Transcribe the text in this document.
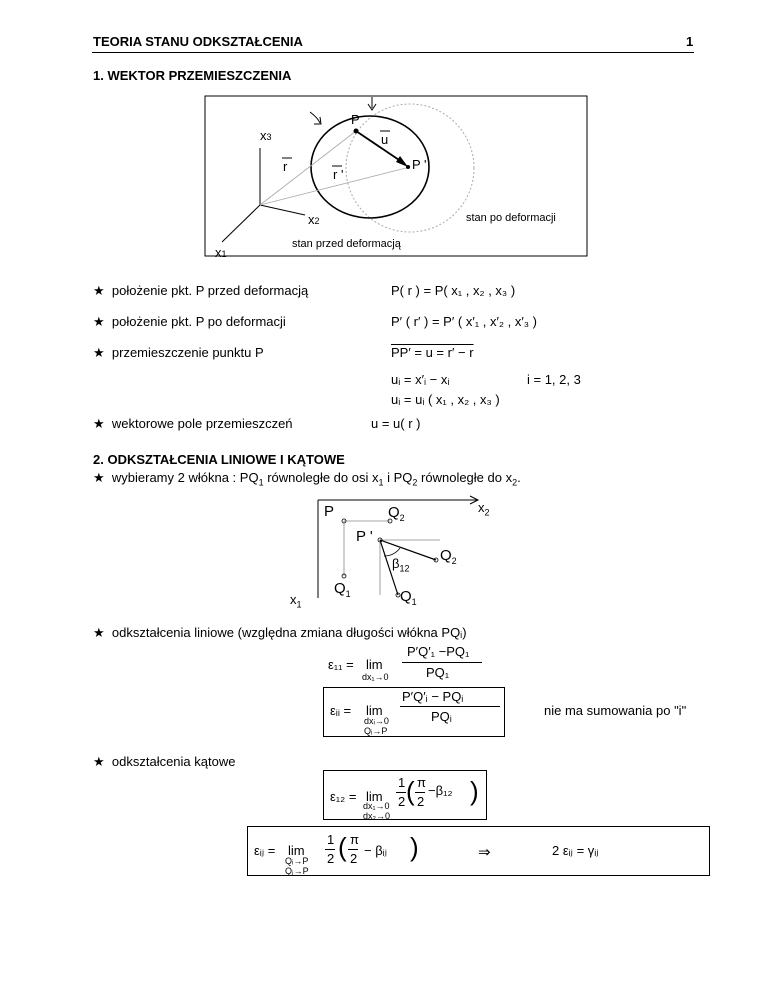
TEORIA STANU ODKSZTAŁCENIA	1
1. WEKTOR PRZEMIESZCZENIA
x3
r
r '
P
P '
u
x2
x1
stan po deformacji
stan przed deformacją
★  położenie pkt. P przed deformacją	P( r ) = P( x₁ , x₂ , x₃ )
★  położenie pkt. P po deformacji	P′ ( r′ ) = P′ ( x′₁ , x′₂ , x′₃ )
★  przemieszczenie punktu P	PP′ = u = r′ − r
uᵢ = x′ᵢ − xᵢ	i = 1, 2, 3
uᵢ = uᵢ ( x₁ , x₂ , x₃ )
★  wektorowe pole przemieszczeń	u = u( r )
2. ODKSZTAŁCENIA LINIOWE I KĄTOWE
★  wybieramy 2 włókna : $PQ_1$ równoległe do osi $x_1$ i $PQ_2$ równoległe do $x_2$.
P	$Q_2$
$x_2$
P '
$Q_2$
$\beta_{12}$
$x_1$
$Q_1$	$Q_1$
★  odkształcenia liniowe (względna zmiana długości włókna PQᵢ)
ε₁₁ = lim
dx₁→0
P′Q′₁ −PQ₁
PQ₁
εᵢᵢ = lim
dxᵢ→0
Qᵢ→P
P′Q′ᵢ − PQᵢ
PQᵢ	nie ma sumowania po "i"
★  odkształcenia kątowe
ε₁₂ = lim
dx₁→0
dx₂→0
1
2 ( π
2
−β₁₂ )
εᵢⱼ = lim
Qᵢ→P
Qⱼ→P
1
2 ( π
2
− βᵢⱼ )	⇒	2 εᵢⱼ = γᵢⱼ
